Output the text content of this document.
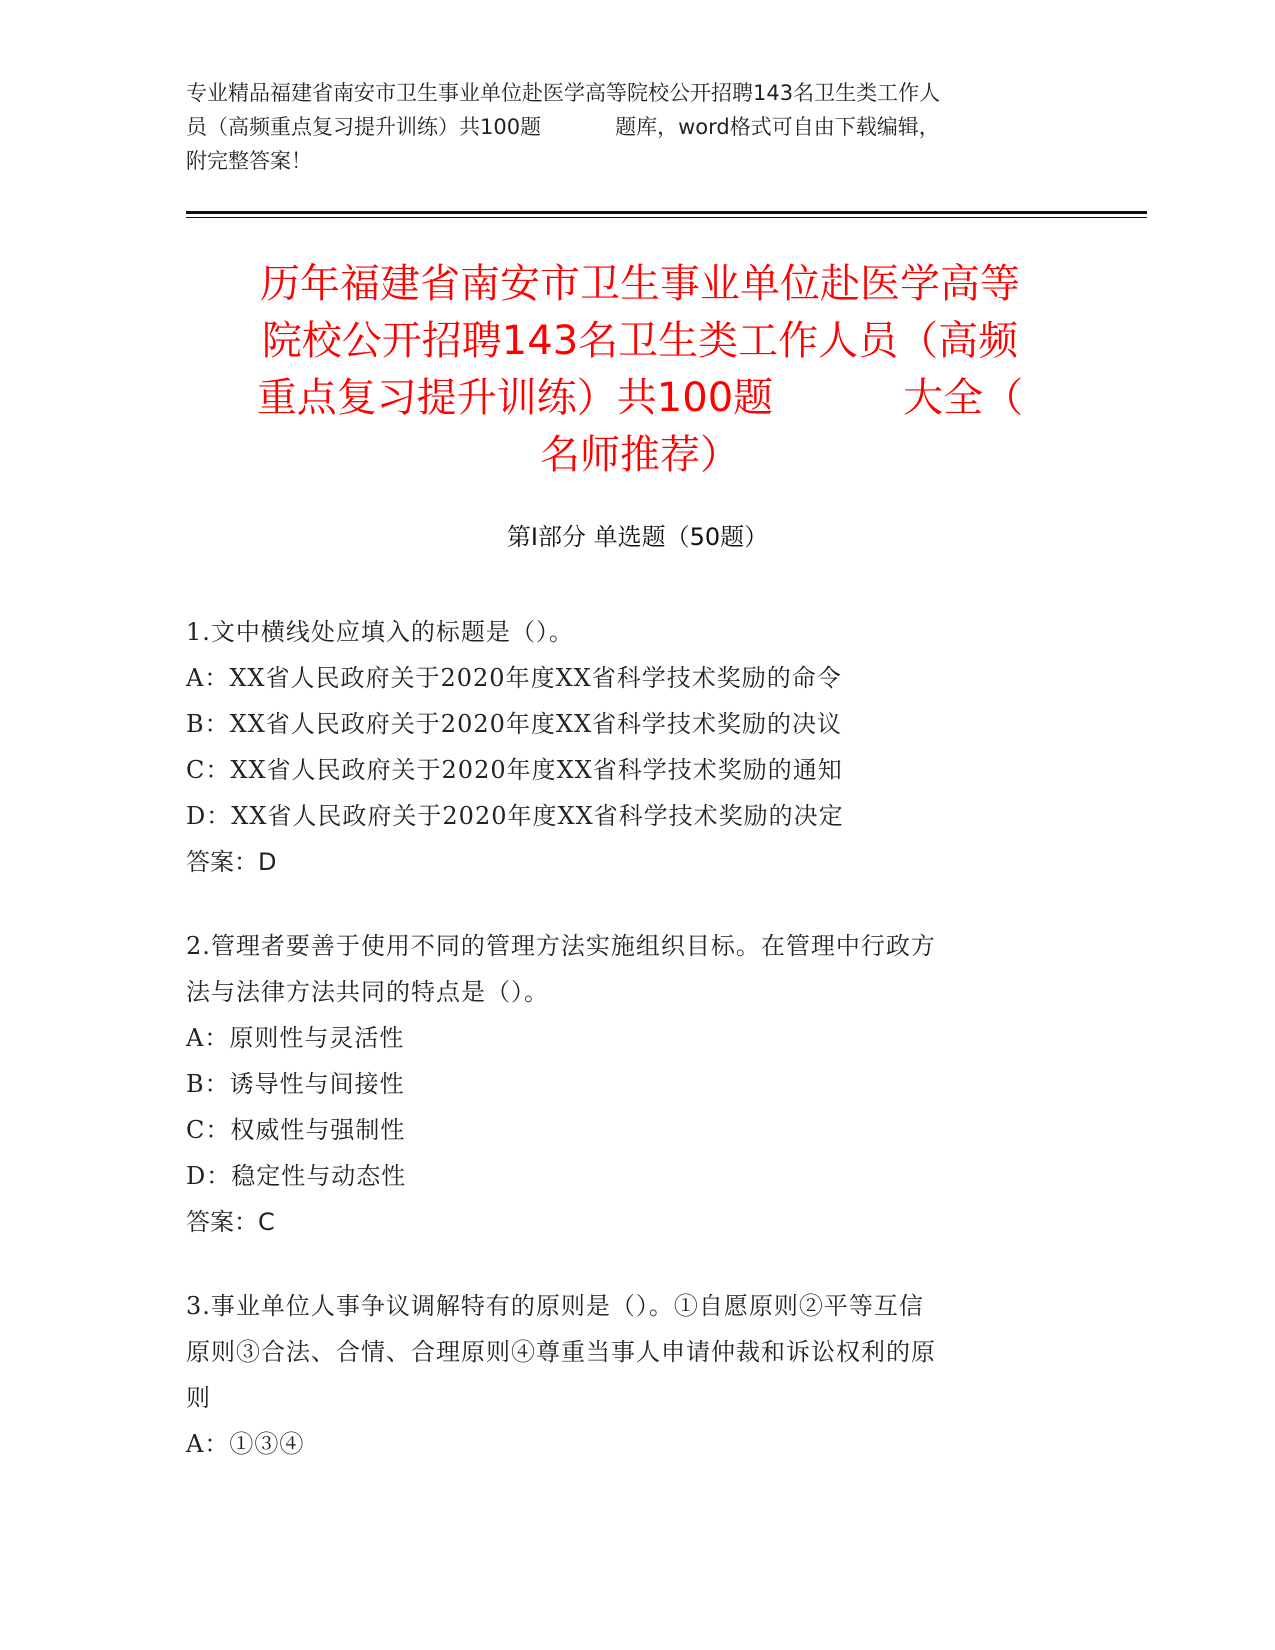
专业精品福建省南安市卫生事业单位赴医学高等院校公开招聘143名卫生类工作人
员（高频重点复习提升训练）共100题	题库，word格式可自由下载编辑，
附完整答案！
历年福建省南安市卫生事业单位赴医学高等
院校公开招聘143名卫生类工作人员（高频
重点复习提升训练）共100题	大全（
名师推荐）
第Ⅰ部分 单选题（50题）
1.文中横线处应填入的标题是（）。
A：XX省人民政府关于2020年度XX省科学技术奖励的命令
B：XX省人民政府关于2020年度XX省科学技术奖励的决议
C：XX省人民政府关于2020年度XX省科学技术奖励的通知
D：XX省人民政府关于2020年度XX省科学技术奖励的决定
答案：D
2.管理者要善于使用不同的管理方法实施组织目标。在管理中行政方
法与法律方法共同的特点是（）。
A：原则性与灵活性
B：诱导性与间接性
C：权威性与强制性
D：稳定性与动态性
答案：C
3.事业单位人事争议调解特有的原则是（）。①自愿原则②平等互信
原则③合法、合情、合理原则④尊重当事人申请仲裁和诉讼权利的原
则
A：①③④
